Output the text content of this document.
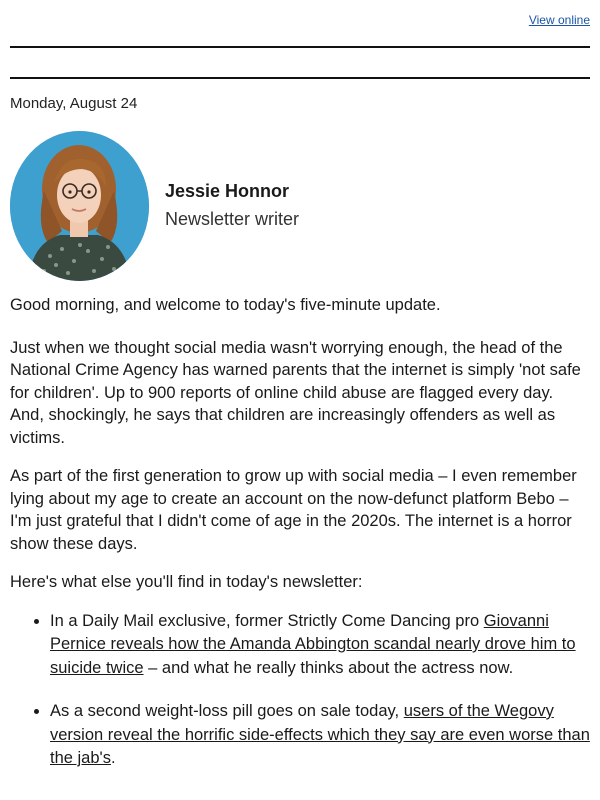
View online
Monday, August 24
Jessie Honnor
Newsletter writer

Good morning, and welcome to today's five-minute update.

Just when we thought social media wasn't worrying enough, the head of the National Crime Agency has warned parents that the internet is simply 'not safe for children'. Up to 900 reports of online child abuse are flagged every day. And, shockingly, he says that children are increasingly offenders as well as victims.

As part of the first generation to grow up with social media – I even remember lying about my age to create an account on the now-defunct platform Bebo – I'm just grateful that I didn't come of age in the 2020s. The internet is a horror show these days.

Here's what else you'll find in today's newsletter:

• In a Daily Mail exclusive, former Strictly Come Dancing pro Giovanni Pernice reveals how the Amanda Abbington scandal nearly drove him to suicide twice – and what he really thinks about the actress now.
• As a second weight-loss pill goes on sale today, users of the Wegovy version reveal the horrific side-effects which they say are even worse than the jab's.
